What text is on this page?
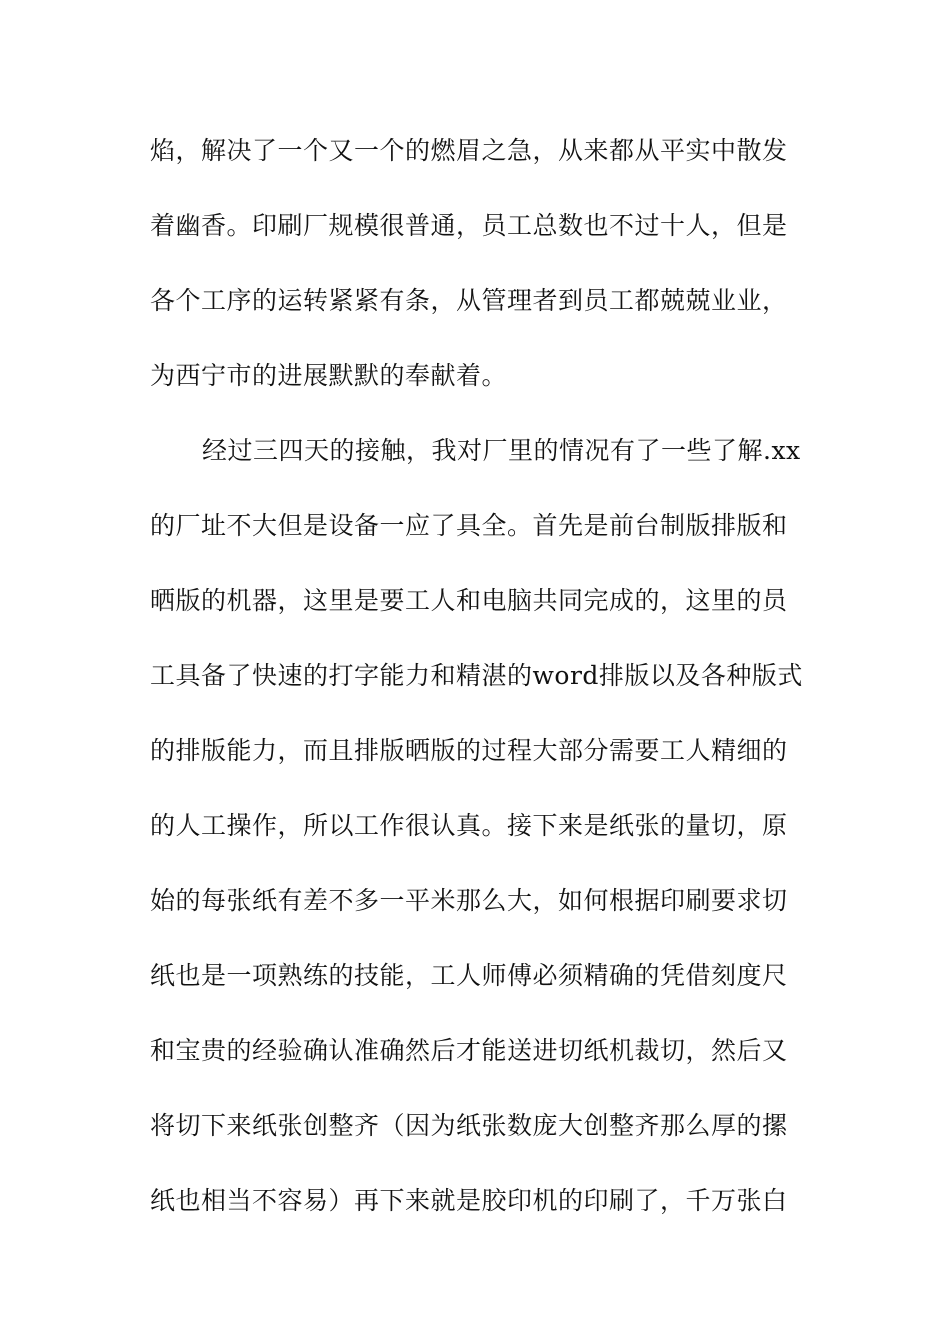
焰，解决了一个又一个的燃眉之急，从来都从平实中散发
着幽香。印刷厂规模很普通，员工总数也不过十人，但是
各个工序的运转紧紧有条，从管理者到员工都兢兢业业，
为西宁市的进展默默的奉献着。
经过三四天的接触，我对厂里的情况有了一些了解.xx
的厂址不大但是设备一应了具全。首先是前台制版排版和
晒版的机器，这里是要工人和电脑共同完成的，这里的员
工具备了快速的打字能力和精湛的word排版以及各种版式
的排版能力，而且排版晒版的过程大部分需要工人精细的
的人工操作，所以工作很认真。接下来是纸张的量切，原
始的每张纸有差不多一平米那么大，如何根据印刷要求切
纸也是一项熟练的技能，工人师傅必须精确的凭借刻度尺
和宝贵的经验确认准确然后才能送进切纸机裁切，然后又
将切下来纸张创整齐（因为纸张数庞大创整齐那么厚的摞
纸也相当不容易）再下来就是胶印机的印刷了，千万张白
